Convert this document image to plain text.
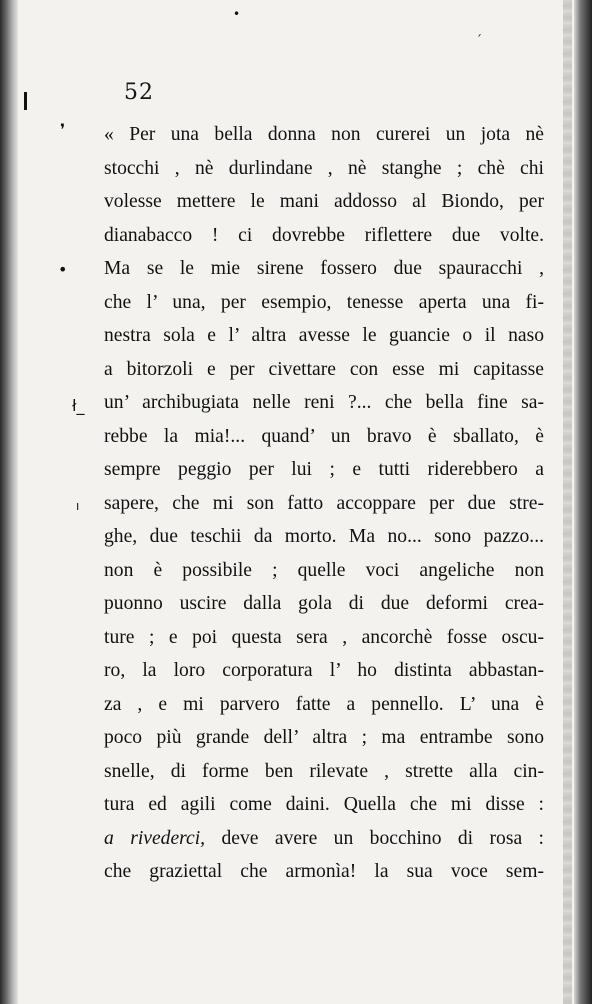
❜
•
ł_
ı
•
ˊ
52
« Per una bella donna non curerei un jota nè
stocchi , nè durlindane , nè stanghe ; chè chi
volesse mettere le mani addosso al Biondo, per
dianabacco ! ci dovrebbe riflettere due volte.
Ma se le mie sirene fossero due spauracchi ,
che l’ una, per esempio, tenesse aperta una fi-
nestra sola e l’ altra avesse le guancie o il naso
a bitorzoli e per civettare con esse mi capitasse
un’ archibugiata nelle reni ?... che bella fine sa-
rebbe la mia!... quand’ un bravo è sballato, è
sempre peggio per lui ; e tutti riderebbero a
sapere, che mi son fatto accoppare per due stre-
ghe, due teschii da morto. Ma no... sono pazzo...
non è possibile ; quelle voci angeliche non
puonno uscire dalla gola di due deformi crea-
ture ; e poi questa sera , ancorchè fosse oscu-
ro, la loro corporatura l’ ho distinta abbastan-
za , e mi parvero fatte a pennello. L’ una è
poco più grande dell’ altra ; ma entrambe sono
snelle, di forme ben rilevate , strette alla cin-
tura ed agili come daini. Quella che mi disse :
a rivederci, deve avere un bocchino di rosa :
che graziettal che armonìa! la sua voce sem-
